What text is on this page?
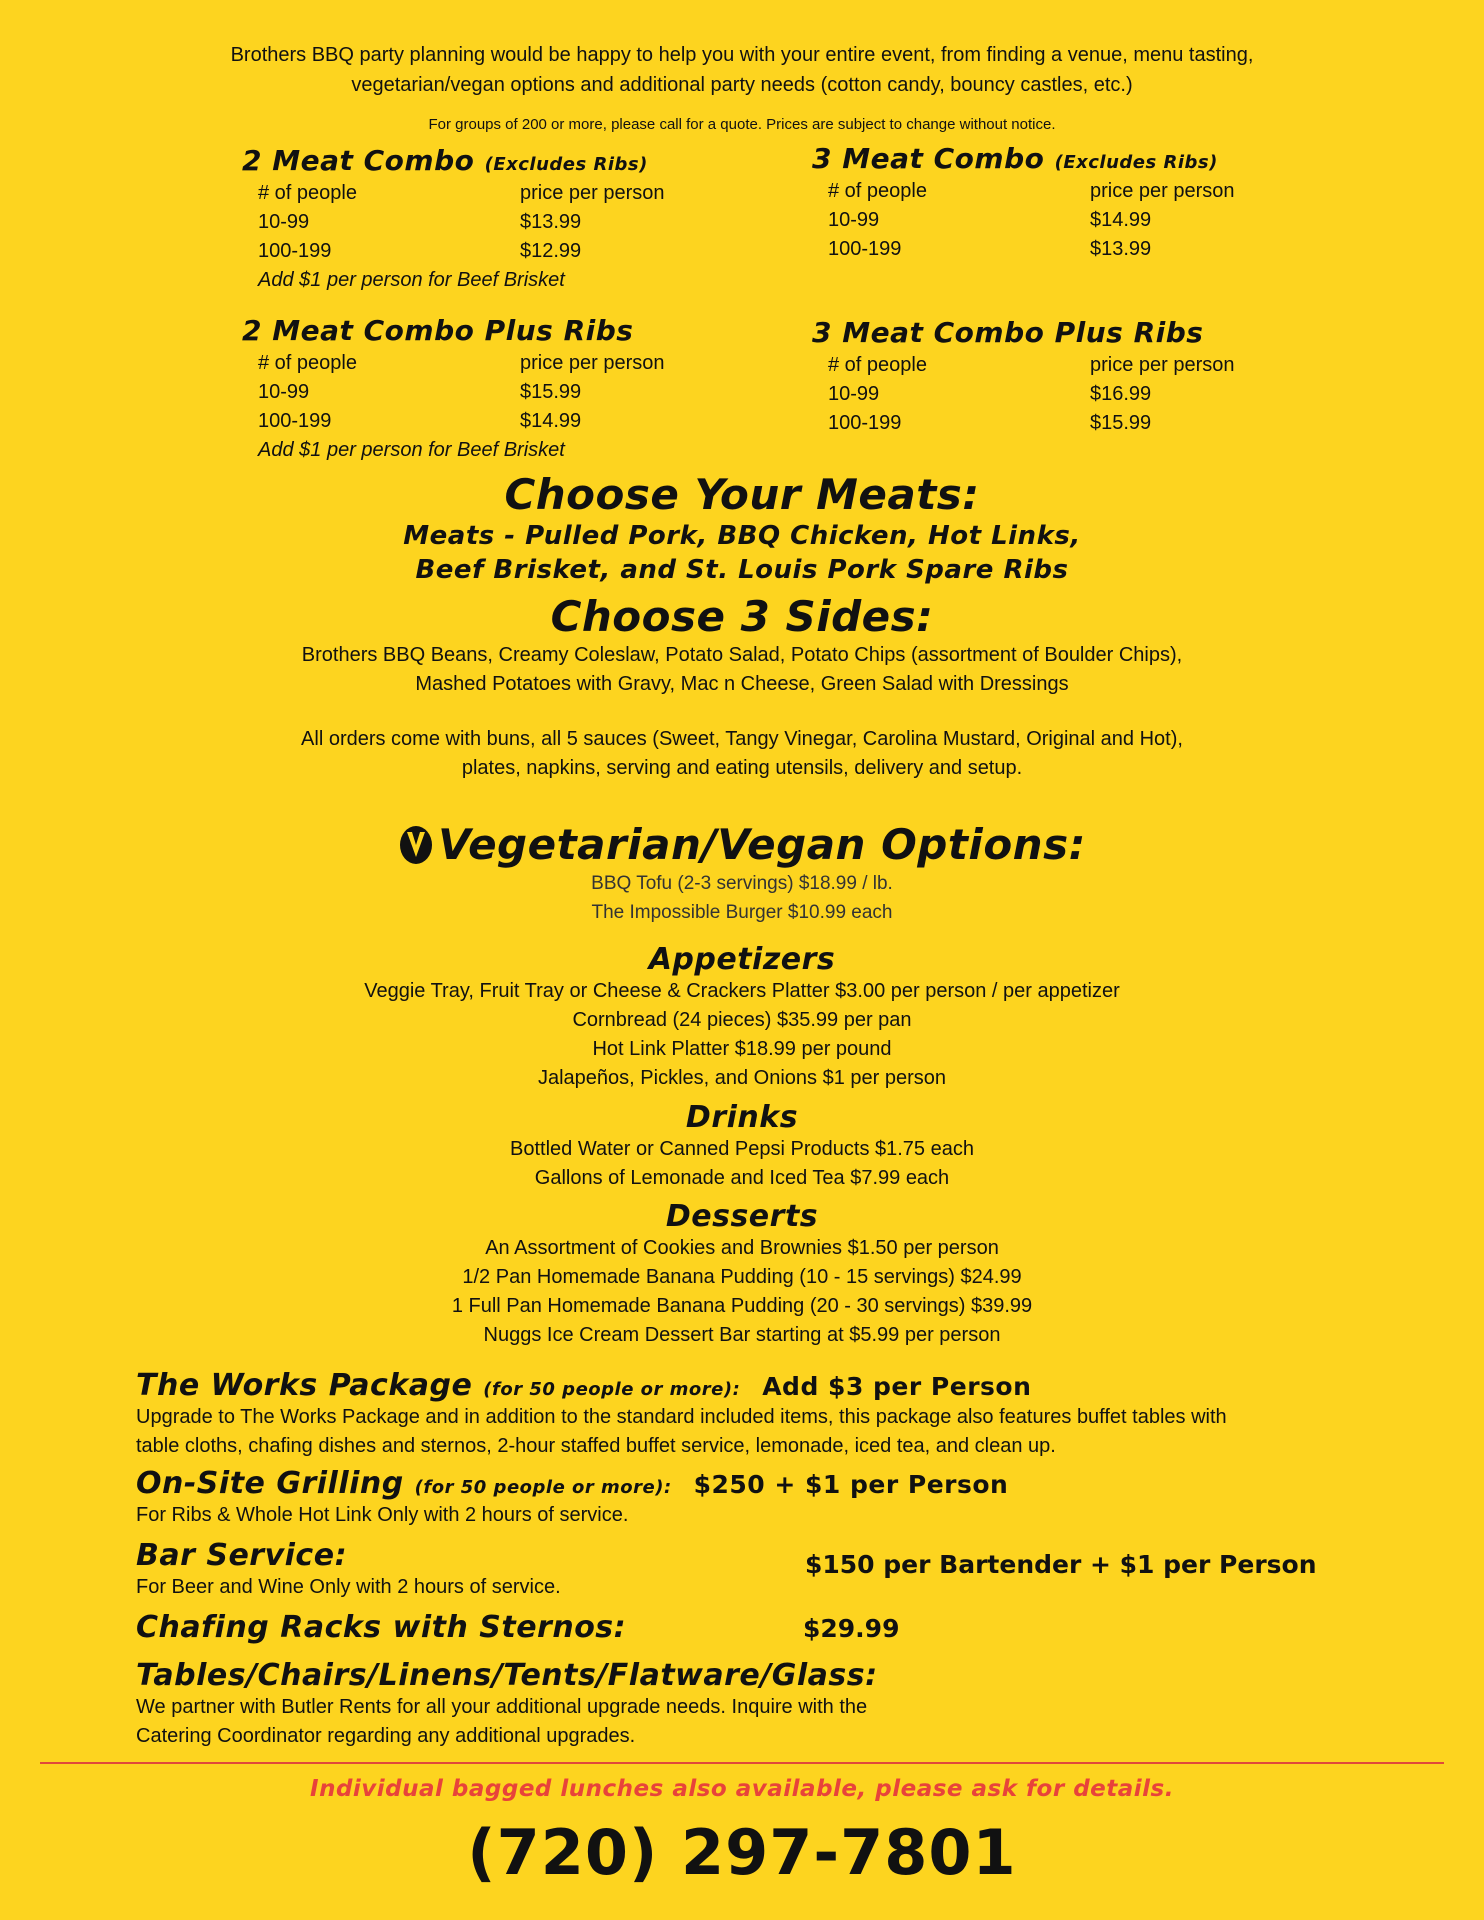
Brothers BBQ party planning would be happy to help you with your entire event, from finding a venue, menu tasting,
vegetarian/vegan options and additional party needs (cotton candy, bouncy castles, etc.)
For groups of 200 or more, please call for a quote. Prices are subject to change without notice.
2 Meat Combo (Excludes Ribs)
# of people	price per person
10-99	$13.99
100-199	$12.99
Add $1 per person for Beef Brisket
3 Meat Combo (Excludes Ribs)
# of people	price per person
10-99	$14.99
100-199	$13.99
2 Meat Combo Plus Ribs
# of people	price per person
10-99	$15.99
100-199	$14.99
Add $1 per person for Beef Brisket
3 Meat Combo Plus Ribs
# of people	price per person
10-99	$16.99
100-199	$15.99
Choose Your Meats:
Meats - Pulled Pork, BBQ Chicken, Hot Links,
Beef Brisket, and St. Louis Pork Spare Ribs
Choose 3 Sides:
Brothers BBQ Beans, Creamy Coleslaw, Potato Salad, Potato Chips (assortment of Boulder Chips),
Mashed Potatoes with Gravy, Mac n Cheese, Green Salad with Dressings
All orders come with buns, all 5 sauces (Sweet, Tangy Vinegar, Carolina Mustard, Original and Hot),
plates, napkins, serving and eating utensils, delivery and setup.
Vegetarian/Vegan Options:
BBQ Tofu (2-3 servings) $18.99 / lb.
The Impossible Burger $10.99 each
Appetizers
Veggie Tray, Fruit Tray or Cheese & Crackers Platter $3.00 per person / per appetizer
Cornbread (24 pieces) $35.99 per pan
Hot Link Platter $18.99 per pound
Jalapeños, Pickles, and Onions $1 per person
Drinks
Bottled Water or Canned Pepsi Products $1.75 each
Gallons of Lemonade and Iced Tea $7.99 each
Desserts
An Assortment of Cookies and Brownies $1.50 per person
1/2 Pan Homemade Banana Pudding (10 - 15 servings) $24.99
1 Full Pan Homemade Banana Pudding (20 - 30 servings) $39.99
Nuggs Ice Cream Dessert Bar starting at $5.99 per person
The Works Package (for 50 people or more): Add $3 per Person
Upgrade to The Works Package and in addition to the standard included items, this package also features buffet tables with
table cloths, chafing dishes and sternos, 2-hour staffed buffet service, lemonade, iced tea, and clean up.
On-Site Grilling (for 50 people or more): $250 + $1 per Person
For Ribs & Whole Hot Link Only with 2 hours of service.
Bar Service:
For Beer and Wine Only with 2 hours of service.
$150 per Bartender + $1 per Person
Chafing Racks with Sternos:	$29.99
Tables/Chairs/Linens/Tents/Flatware/Glass:
We partner with Butler Rents for all your additional upgrade needs. Inquire with the
Catering Coordinator regarding any additional upgrades.
Individual bagged lunches also available, please ask for details.
(720) 297-7801
